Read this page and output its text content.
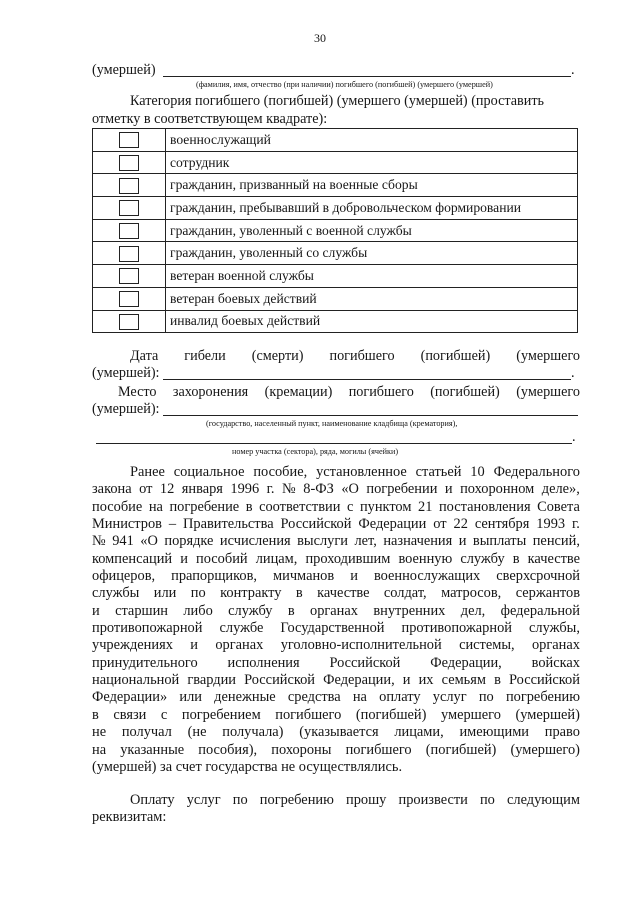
30
(умершей)	.
(фамилия, имя, отчество (при наличии) погибшего (погибшей) (умершего (умершей)
Категория погибшего (погибшей) (умершего (умершей) (проставить
отметку в соответствующем квадрате):
	военнослужащий
	сотрудник
	гражданин, призванный на военные сборы
	гражданин, пребывавший в добровольческом формировании
	гражданин, уволенный с военной службы
	гражданин, уволенный со службы
	ветеран военной службы
	ветеран боевых действий
	инвалид боевых действий
Дата гибели (смерти) погибшего (погибшей) (умершего
(умершей):	.
Место захоронения (кремации) погибшего (погибшей) (умершего
(умершей):
(государство, населенный пункт, наименование кладбища (крематория),
.
номер участка (сектора), ряда, могилы (ячейки)
Ранее социальное пособие, установленное статьей 10 Федерального
закона от 12 января 1996 г. № 8-ФЗ «О погребении и похоронном деле»,
пособие на погребение в соответствии с пунктом 21 постановления Совета
Министров – Правительства Российской Федерации от 22 сентября 1993 г.
№ 941 «О порядке исчисления выслуги лет, назначения и выплаты пенсий,
компенсаций и пособий лицам, проходившим военную службу в качестве
офицеров, прапорщиков, мичманов и военнослужащих сверхсрочной
службы или по контракту в качестве солдат, матросов, сержантов
и старшин либо службу в органах внутренних дел, федеральной
противопожарной службе Государственной противопожарной службы,
учреждениях и органах уголовно-исполнительной системы, органах
принудительного исполнения Российской Федерации, войсках
национальной гвардии Российской Федерации, и их семьям в Российской
Федерации» или денежные средства на оплату услуг по погребению
в связи с погребением погибшего (погибшей) умершего (умершей)
не получал (не получала) (указывается лицами, имеющими право
на указанные пособия), похороны погибшего (погибшей) (умершего)
(умершей) за счет государства не осуществлялись.
Оплату услуг по погребению прошу произвести по следующим
реквизитам:
